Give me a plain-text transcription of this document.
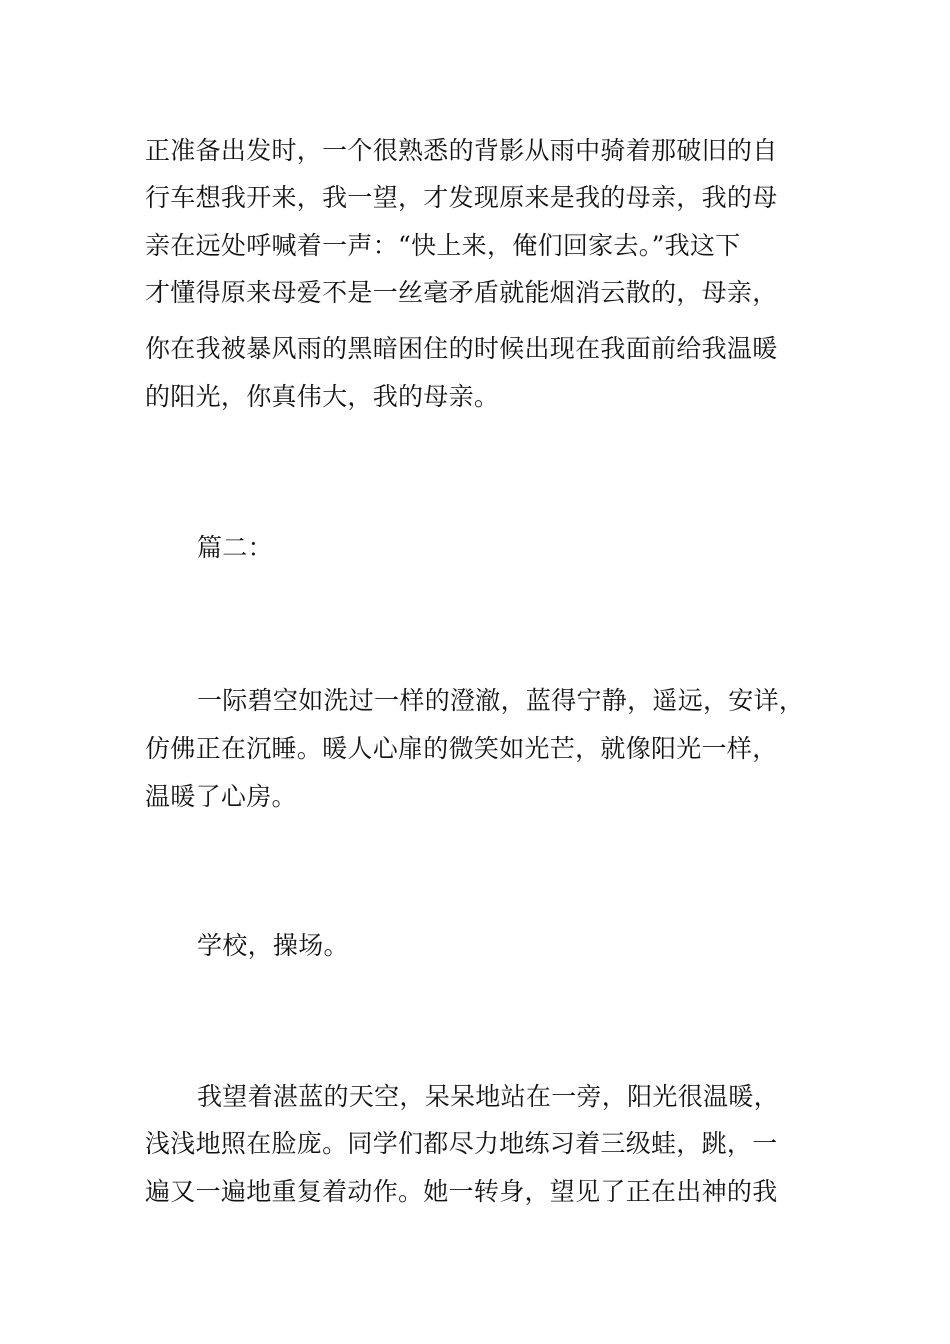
正准备出发时，一个很熟悉的背影从雨中骑着那破旧的自
行车想我开来，我一望，才发现原来是我的母亲，我的母
亲在远处呼喊着一声：“快上来，俺们回家去。”我这下
才懂得原来母爱不是一丝毫矛盾就能烟消云散的，母亲，
你在我被暴风雨的黑暗困住的时候出现在我面前给我温暖
的阳光，你真伟大，我的母亲。
篇二：
一际碧空如洗过一样的澄澈，蓝得宁静，遥远，安详，
仿佛正在沉睡。暖人心扉的微笑如光芒，就像阳光一样，
温暖了心房。
学校，操场。
我望着湛蓝的天空，呆呆地站在一旁，阳光很温暖，
浅浅地照在脸庞。同学们都尽力地练习着三级蛙，跳，一
遍又一遍地重复着动作。她一转身，望见了正在出神的我
